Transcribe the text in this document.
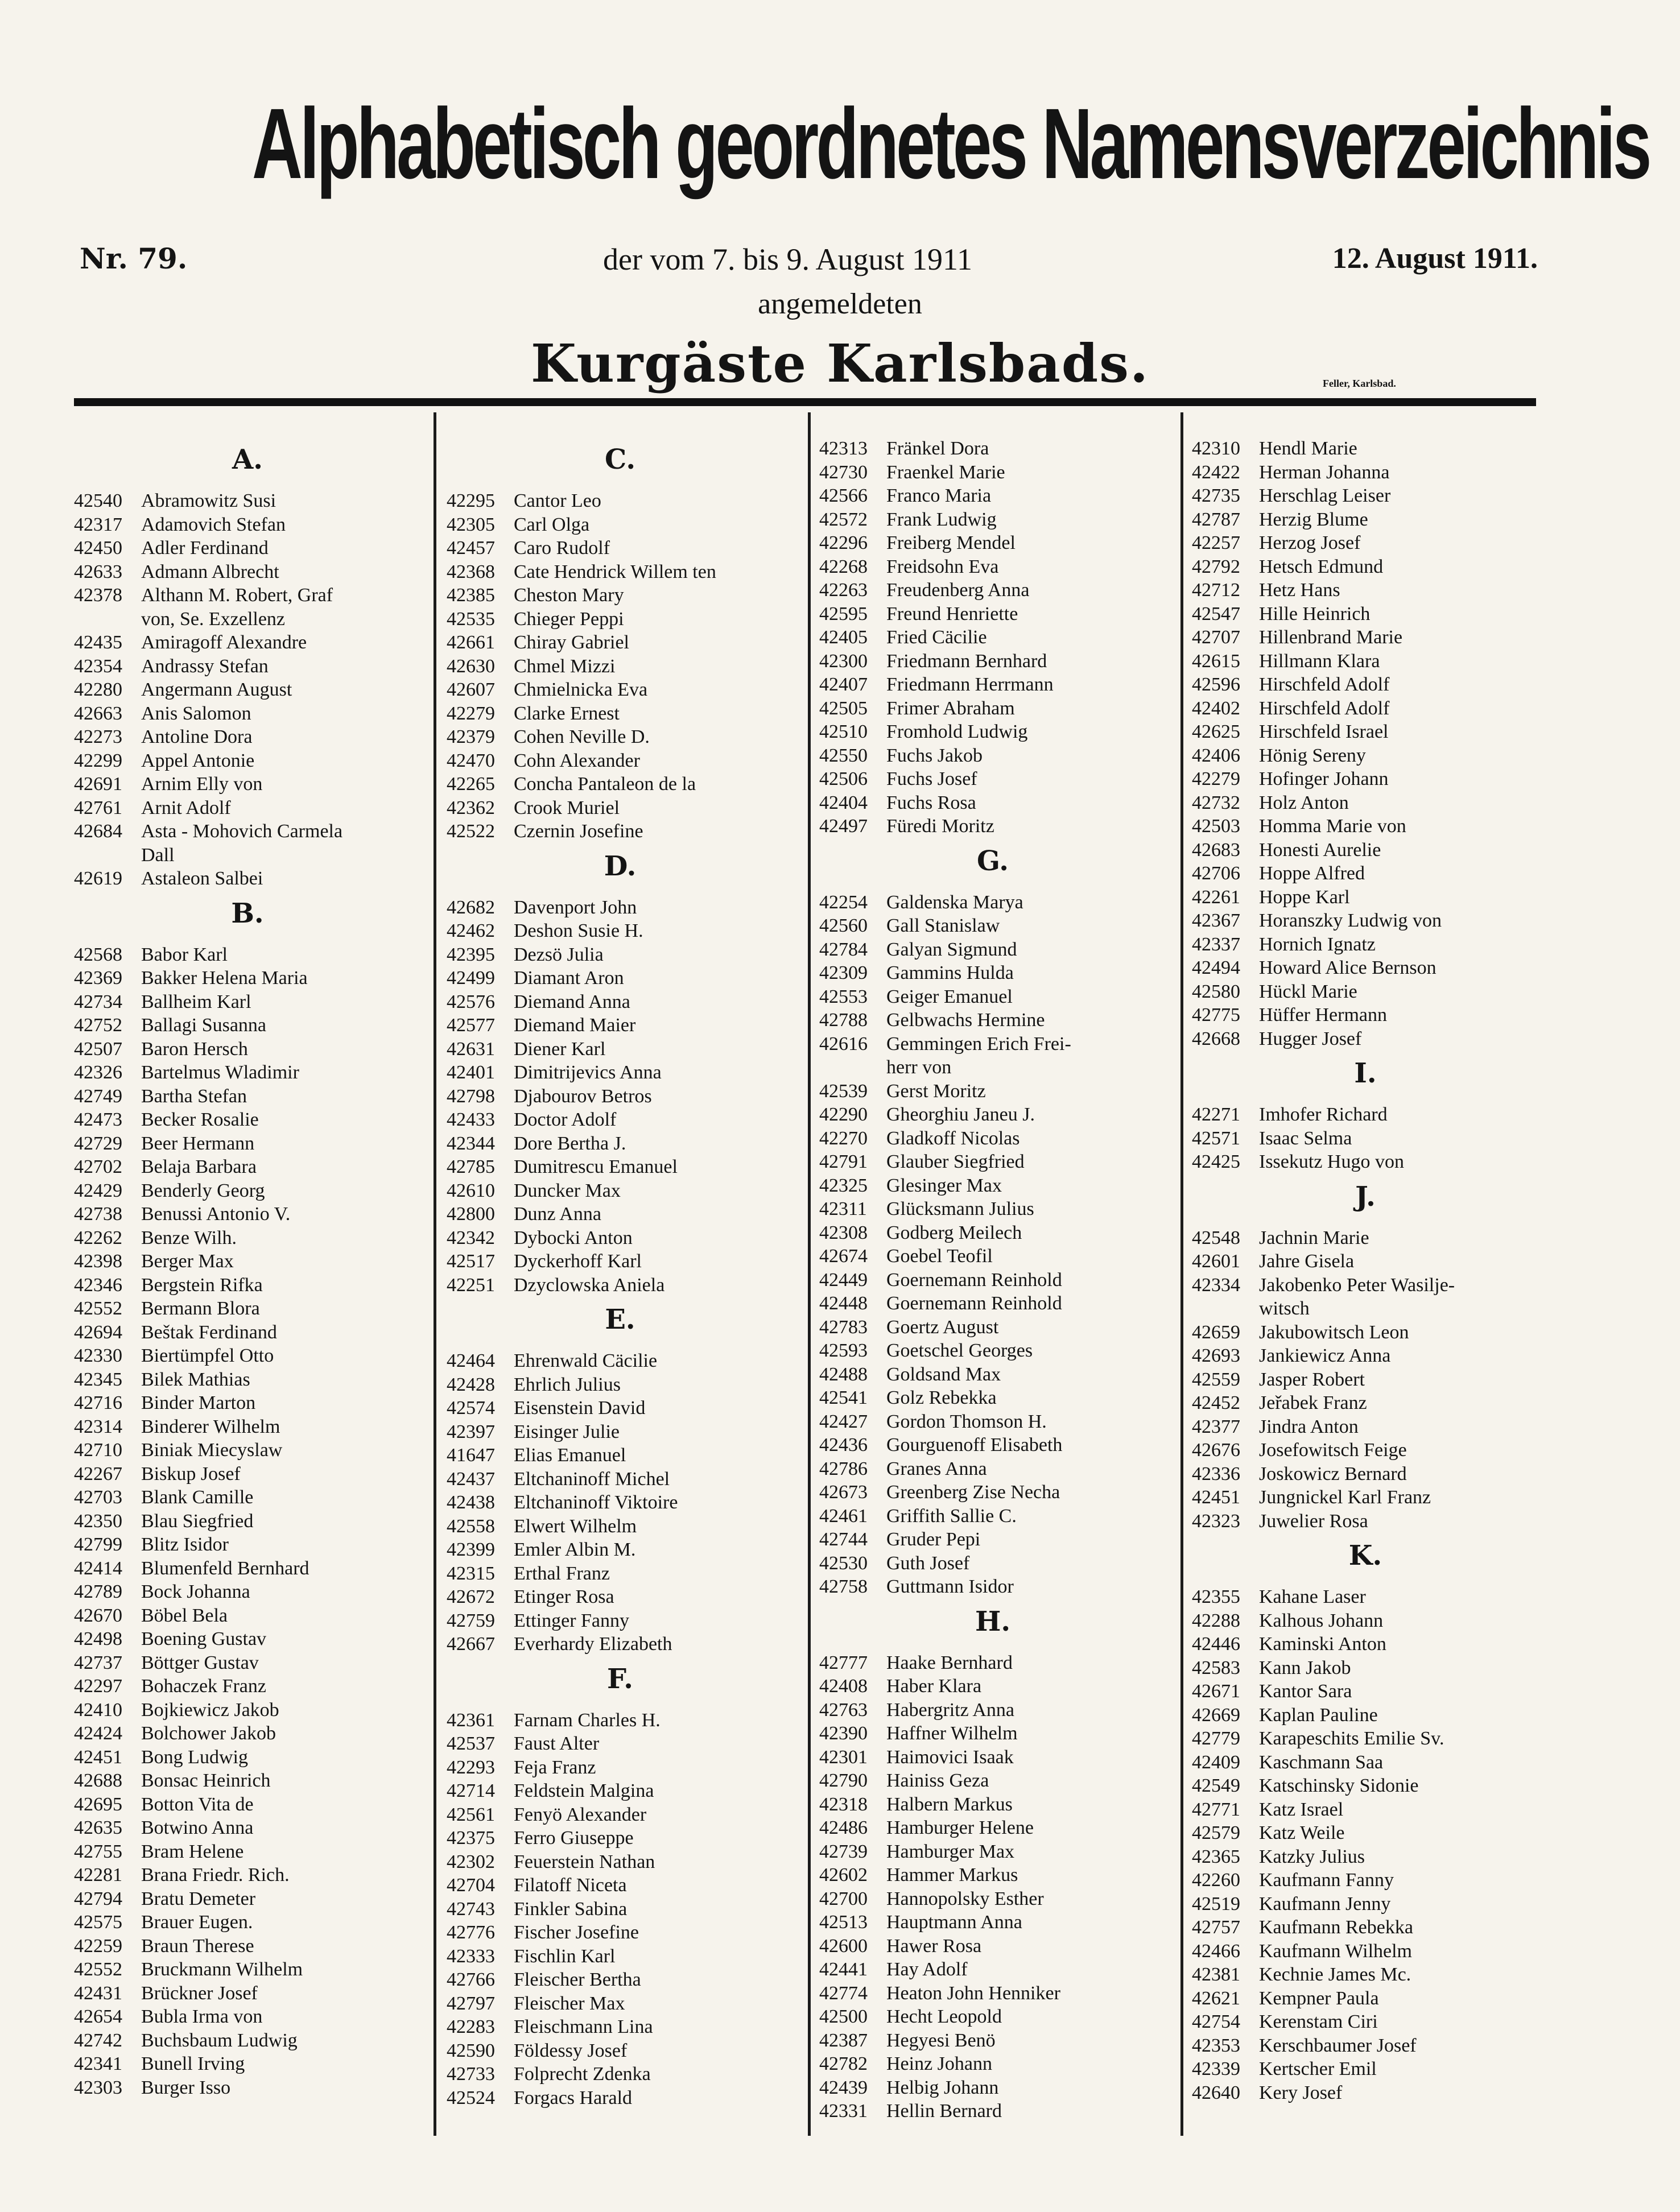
Alphabetisch geordnetes Namensverzeichnis
Nr. 79.	der vom 7. bis 9. August 1911	12. August 1911.
angemeldeten
Kurgäste Karlsbads.	Feller, Karlsbad.
A.
42540 Abramowitz Susi
42317 Adamovich Stefan
42450 Adler Ferdinand
42633 Admann Albrecht
42378 Althann M. Robert, Graf
von, Se. Exzellenz
42435 Amiragoff Alexandre
42354 Andrassy Stefan
42280 Angermann August
42663 Anis Salomon
42273 Antoline Dora
42299 Appel Antonie
42691 Arnim Elly von
42761 Arnit Adolf
42684 Asta - Mohovich Carmela
Dall
42619 Astaleon Salbei
B.
42568 Babor Karl
42369 Bakker Helena Maria
42734 Ballheim Karl
42752 Ballagi Susanna
42507 Baron Hersch
42326 Bartelmus Wladimir
42749 Bartha Stefan
42473 Becker Rosalie
42729 Beer Hermann
42702 Belaja Barbara
42429 Benderly Georg
42738 Benussi Antonio V.
42262 Benze Wilh.
42398 Berger Max
42346 Bergstein Rifka
42552 Bermann Blora
42694 Beštak Ferdinand
42330 Biertümpfel Otto
42345 Bilek Mathias
42716 Binder Marton
42314 Binderer Wilhelm
42710 Biniak Miecyslaw
42267 Biskup Josef
42703 Blank Camille
42350 Blau Siegfried
42799 Blitz Isidor
42414 Blumenfeld Bernhard
42789 Bock Johanna
42670 Böbel Bela
42498 Boening Gustav
42737 Böttger Gustav
42297 Bohaczek Franz
42410 Bojkiewicz Jakob
42424 Bolchower Jakob
42451 Bong Ludwig
42688 Bonsac Heinrich
42695 Botton Vita de
42635 Botwino Anna
42755 Bram Helene
42281 Brana Friedr. Rich.
42794 Bratu Demeter
42575 Brauer Eugen.
42259 Braun Therese
42552 Bruckmann Wilhelm
42431 Brückner Josef
42654 Bubla Irma von
42742 Buchsbaum Ludwig
42341 Bunell Irving
42303 Burger Isso
C.
42295 Cantor Leo
42305 Carl Olga
42457 Caro Rudolf
42368 Cate Hendrick Willem ten
42385 Cheston Mary
42535 Chieger Peppi
42661 Chiray Gabriel
42630 Chmel Mizzi
42607 Chmielnicka Eva
42279 Clarke Ernest
42379 Cohen Neville D.
42470 Cohn Alexander
42265 Concha Pantaleon de la
42362 Crook Muriel
42522 Czernin Josefine
D.
42682 Davenport John
42462 Deshon Susie H.
42395 Dezsö Julia
42499 Diamant Aron
42576 Diemand Anna
42577 Diemand Maier
42631 Diener Karl
42401 Dimitrijevics Anna
42798 Djabourov Betros
42433 Doctor Adolf
42344 Dore Bertha J.
42785 Dumitrescu Emanuel
42610 Duncker Max
42800 Dunz Anna
42342 Dybocki Anton
42517 Dyckerhoff Karl
42251 Dzyclowska Aniela
E.
42464 Ehrenwald Cäcilie
42428 Ehrlich Julius
42574 Eisenstein David
42397 Eisinger Julie
41647 Elias Emanuel
42437 Eltchaninoff Michel
42438 Eltchaninoff Viktoire
42558 Elwert Wilhelm
42399 Emler Albin M.
42315 Erthal Franz
42672 Etinger Rosa
42759 Ettinger Fanny
42667 Everhardy Elizabeth
F.
42361 Farnam Charles H.
42537 Faust Alter
42293 Feja Franz
42714 Feldstein Malgina
42561 Fenyö Alexander
42375 Ferro Giuseppe
42302 Feuerstein Nathan
42704 Filatoff Niceta
42743 Finkler Sabina
42776 Fischer Josefine
42333 Fischlin Karl
42766 Fleischer Bertha
42797 Fleischer Max
42283 Fleischmann Lina
42590 Földessy Josef
42733 Folprecht Zdenka
42524 Forgacs Harald
42313 Fränkel Dora
42730 Fraenkel Marie
42566 Franco Maria
42572 Frank Ludwig
42296 Freiberg Mendel
42268 Freidsohn Eva
42263 Freudenberg Anna
42595 Freund Henriette
42405 Fried Cäcilie
42300 Friedmann Bernhard
42407 Friedmann Herrmann
42505 Frimer Abraham
42510 Fromhold Ludwig
42550 Fuchs Jakob
42506 Fuchs Josef
42404 Fuchs Rosa
42497 Füredi Moritz
G.
42254 Galdenska Marya
42560 Gall Stanislaw
42784 Galyan Sigmund
42309 Gammins Hulda
42553 Geiger Emanuel
42788 Gelbwachs Hermine
42616 Gemmingen Erich Frei-
herr von
42539 Gerst Moritz
42290 Gheorghiu Janeu J.
42270 Gladkoff Nicolas
42791 Glauber Siegfried
42325 Glesinger Max
42311	Glücksmann Julius
42308 Godberg Meilech
42674 Goebel Teofil
42449 Goernemann Reinhold
42448 Goernemann Reinhold
42783 Goertz August
42593 Goetschel Georges
42488 Goldsand Max
42541 Golz Rebekka
42427 Gordon Thomson H.
42436 Gourguenoff Elisabeth
42786 Granes Anna
42673 Greenberg Zise Necha
42461 Griffith Sallie C.
42744 Gruder Pepi
42530 Guth Josef
42758 Guttmann Isidor
H.
42777 Haake Bernhard
42408 Haber Klara
42763 Habergritz Anna
42390 Haffner Wilhelm
42301 Haimovici Isaak
42790 Hainiss Geza
42318 Halbern Markus
42486 Hamburger Helene
42739 Hamburger Max
42602 Hammer Markus
42700 Hannopolsky Esther
42513 Hauptmann Anna
42600 Hawer Rosa
42441 Hay Adolf
42774 Heaton John Henniker
42500 Hecht Leopold
42387 Hegyesi Benö
42782 Heinz Johann
42439 Helbig Johann
42331 Hellin Bernard
42310 Hendl Marie
42422 Herman Johanna
42735 Herschlag Leiser
42787 Herzig Blume
42257 Herzog Josef
42792 Hetsch Edmund
42712 Hetz Hans
42547 Hille Heinrich
42707 Hillenbrand Marie
42615 Hillmann Klara
42596 Hirschfeld Adolf
42402 Hirschfeld Adolf
42625 Hirschfeld Israel
42406 Hönig Sereny
42279 Hofinger Johann
42732 Holz Anton
42503 Homma Marie von
42683 Honesti Aurelie
42706 Hoppe Alfred
42261 Hoppe Karl
42367 Horanszky Ludwig von
42337 Hornich Ignatz
42494 Howard Alice Bernson
42580 Hückl Marie
42775 Hüffer Hermann
42668 Hugger Josef
I.
42271 Imhofer Richard
42571 Isaac Selma
42425 Issekutz Hugo von
J.
42548 Jachnin Marie
42601 Jahre Gisela
42334 Jakobenko Peter Wasilje-
witsch
42659 Jakubowitsch Leon
42693 Jankiewicz Anna
42559 Jasper Robert
42452 Jeřabek Franz
42377 Jindra Anton
42676 Josefowitsch Feige
42336 Joskowicz Bernard
42451 Jungnickel Karl Franz
42323 Juwelier Rosa
K.
42355 Kahane Laser
42288 Kalhous Johann
42446 Kaminski Anton
42583 Kann Jakob
42671 Kantor Sara
42669 Kaplan Pauline
42779 Karapeschits Emilie Sv.
42409 Kaschmann Saa
42549 Katschinsky Sidonie
42771 Katz Israel
42579 Katz Weile
42365 Katzky Julius
42260 Kaufmann Fanny
42519 Kaufmann Jenny
42757 Kaufmann Rebekka
42466 Kaufmann Wilhelm
42381 Kechnie James Mc.
42621 Kempner Paula
42754 Kerenstam Ciri
42353 Kerschbaumer Josef
42339 Kertscher Emil
42640 Kery Josef
